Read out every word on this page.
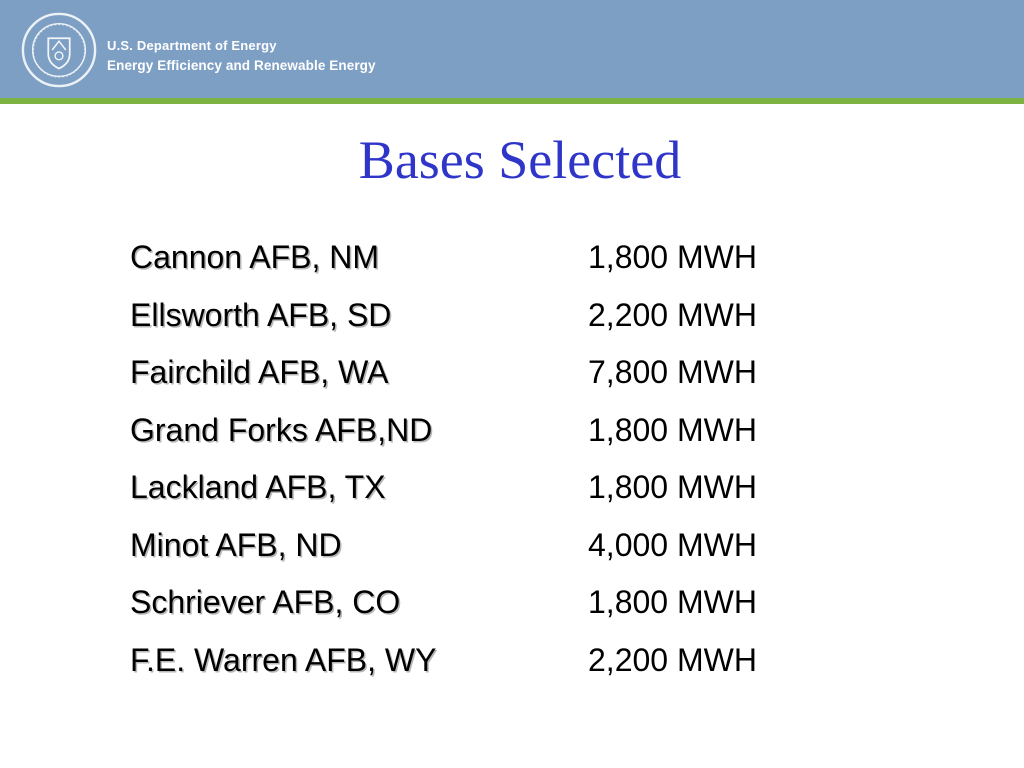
U.S. Department of Energy
Energy Efficiency and Renewable Energy
Bases Selected
Cannon AFB, NM	1,800 MWH
Ellsworth AFB, SD	2,200 MWH
Fairchild AFB, WA	7,800 MWH
Grand Forks AFB,ND	1,800 MWH
Lackland AFB, TX	1,800 MWH
Minot AFB, ND	4,000 MWH
Schriever AFB, CO	1,800 MWH
F.E. Warren AFB, WY	2,200 MWH
